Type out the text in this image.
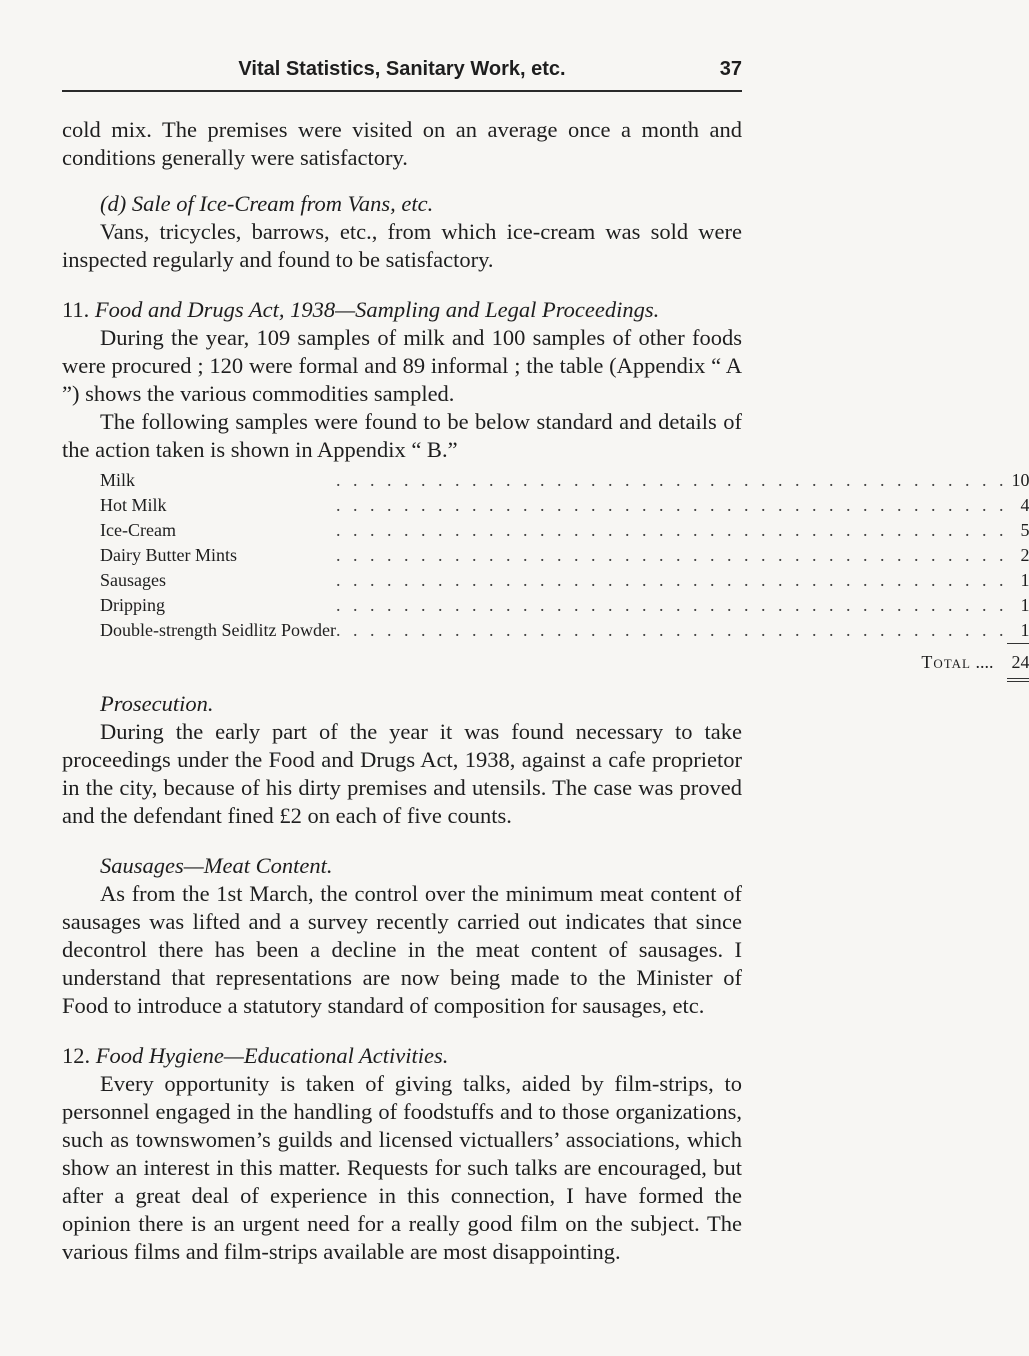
Vital Statistics, Sanitary Work, etc.	37

cold mix. The premises were visited on an average once a month and conditions generally were satisfactory.

(d) Sale of Ice-Cream from Vans, etc.

Vans, tricycles, barrows, etc., from which ice-cream was sold were inspected regularly and found to be satisfactory.

11. Food and Drugs Act, 1938—Sampling and Legal Proceedings.

During the year, 109 samples of milk and 100 samples of other foods were procured ; 120 were formal and 89 informal ; the table (Appendix “ A ”) shows the various commodities sampled.

The following samples were found to be below standard and details of the action taken is shown in Appendix “ B.”

Milk	. . . . . . . . . . . . . . . . . . . . . . . . . . . . . . . . . . . . . . . .	10
Hot Milk	. . . . . . . . . . . . . . . . . . . . . . . . . . . . . . . . . . . . . . . .	4
Ice-Cream	. . . . . . . . . . . . . . . . . . . . . . . . . . . . . . . . . . . . . . . .	5
Dairy Butter Mints	. . . . . . . . . . . . . . . . . . . . . . . . . . . . . . . . . . . . . . . .	2
Sausages	. . . . . . . . . . . . . . . . . . . . . . . . . . . . . . . . . . . . . . . .	1
Dripping	. . . . . . . . . . . . . . . . . . . . . . . . . . . . . . . . . . . . . . . .	1
Double-strength Seidlitz Powder	. . . . . . . . . . . . . . . . . . . . . . . . . . . . . . . . . . . . . . . .	1
	Total ....	24

Prosecution.

During the early part of the year it was found necessary to take proceedings under the Food and Drugs Act, 1938, against a cafe proprietor in the city, because of his dirty premises and utensils. The case was proved and the defendant fined £2 on each of five counts.

Sausages—Meat Content.

As from the 1st March, the control over the minimum meat content of sausages was lifted and a survey recently carried out indicates that since decontrol there has been a decline in the meat content of sausages. I understand that representations are now being made to the Minister of Food to introduce a statutory standard of composition for sausages, etc.

12. Food Hygiene—Educational Activities.

Every opportunity is taken of giving talks, aided by film-strips, to personnel engaged in the handling of foodstuffs and to those organizations, such as townswomen’s guilds and licensed victuallers’ associations, which show an interest in this matter. Requests for such talks are encouraged, but after a great deal of experience in this connection, I have formed the opinion there is an urgent need for a really good film on the subject. The various films and film-strips available are most disappointing.
